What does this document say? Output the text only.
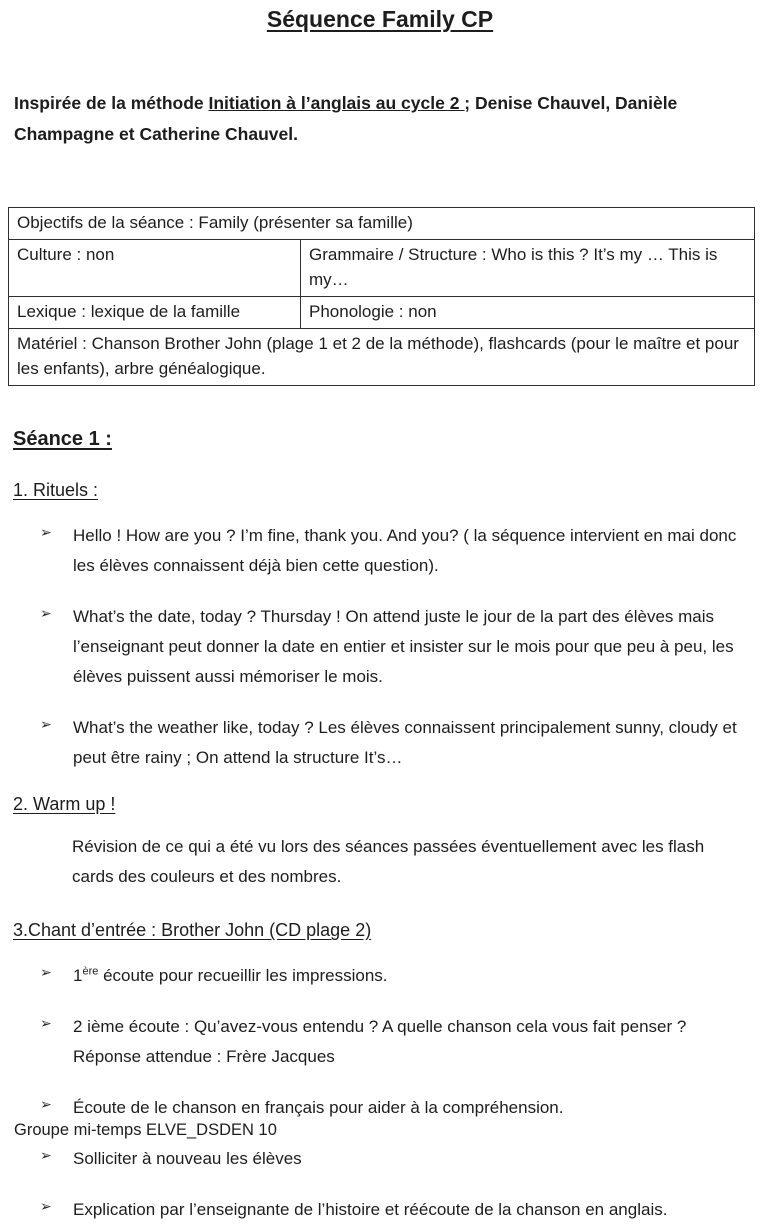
Séquence Family CP

Inspirée de la méthode Initiation à l’anglais au cycle 2 ; Denise Chauvel, Danièle Champagne et Catherine Chauvel.

Objectifs de la séance : Family (présenter sa famille)	
Culture : non	Grammaire / Structure : Who is this ? It’s my … This is my…
Lexique : lexique de la famille	Phonologie : non
Matériel : Chanson Brother John (plage 1 et 2 de la méthode), flashcards (pour le maître et pour les enfants), arbre généalogique.	
Séance 1 :
1. Rituels :
➢	Hello ! How are you ? I’m fine, thank you. And you? ( la séquence intervient en mai donc les élèves connaissent déjà bien cette question).
➢	What’s the date, today ? Thursday ! On attend juste le jour de la part des élèves mais l’enseignant peut donner la date en entier et insister sur le mois pour que peu à peu, les élèves puissent aussi mémoriser le mois.
➢	What’s the weather like, today ? Les élèves connaissent principalement sunny, cloudy et peut être rainy ; On attend la structure It’s…
2. Warm up !

Révision de ce qui a été vu lors des séances passées éventuellement avec les flash cards des couleurs et des nombres.

3.Chant d’entrée : Brother John (CD plage 2)
➢	1ère écoute pour recueillir les impressions.
➢	2 ième écoute : Qu’avez-vous entendu ? A quelle chanson cela vous fait penser ? Réponse attendue : Frère Jacques
➢	Écoute de le chanson en français pour aider à la compréhension.
➢	Solliciter à nouveau les élèves
➢	Explication par l’enseignante de l’histoire et réécoute de la chanson en anglais.
Groupe mi-temps ELVE_DSDEN 10
